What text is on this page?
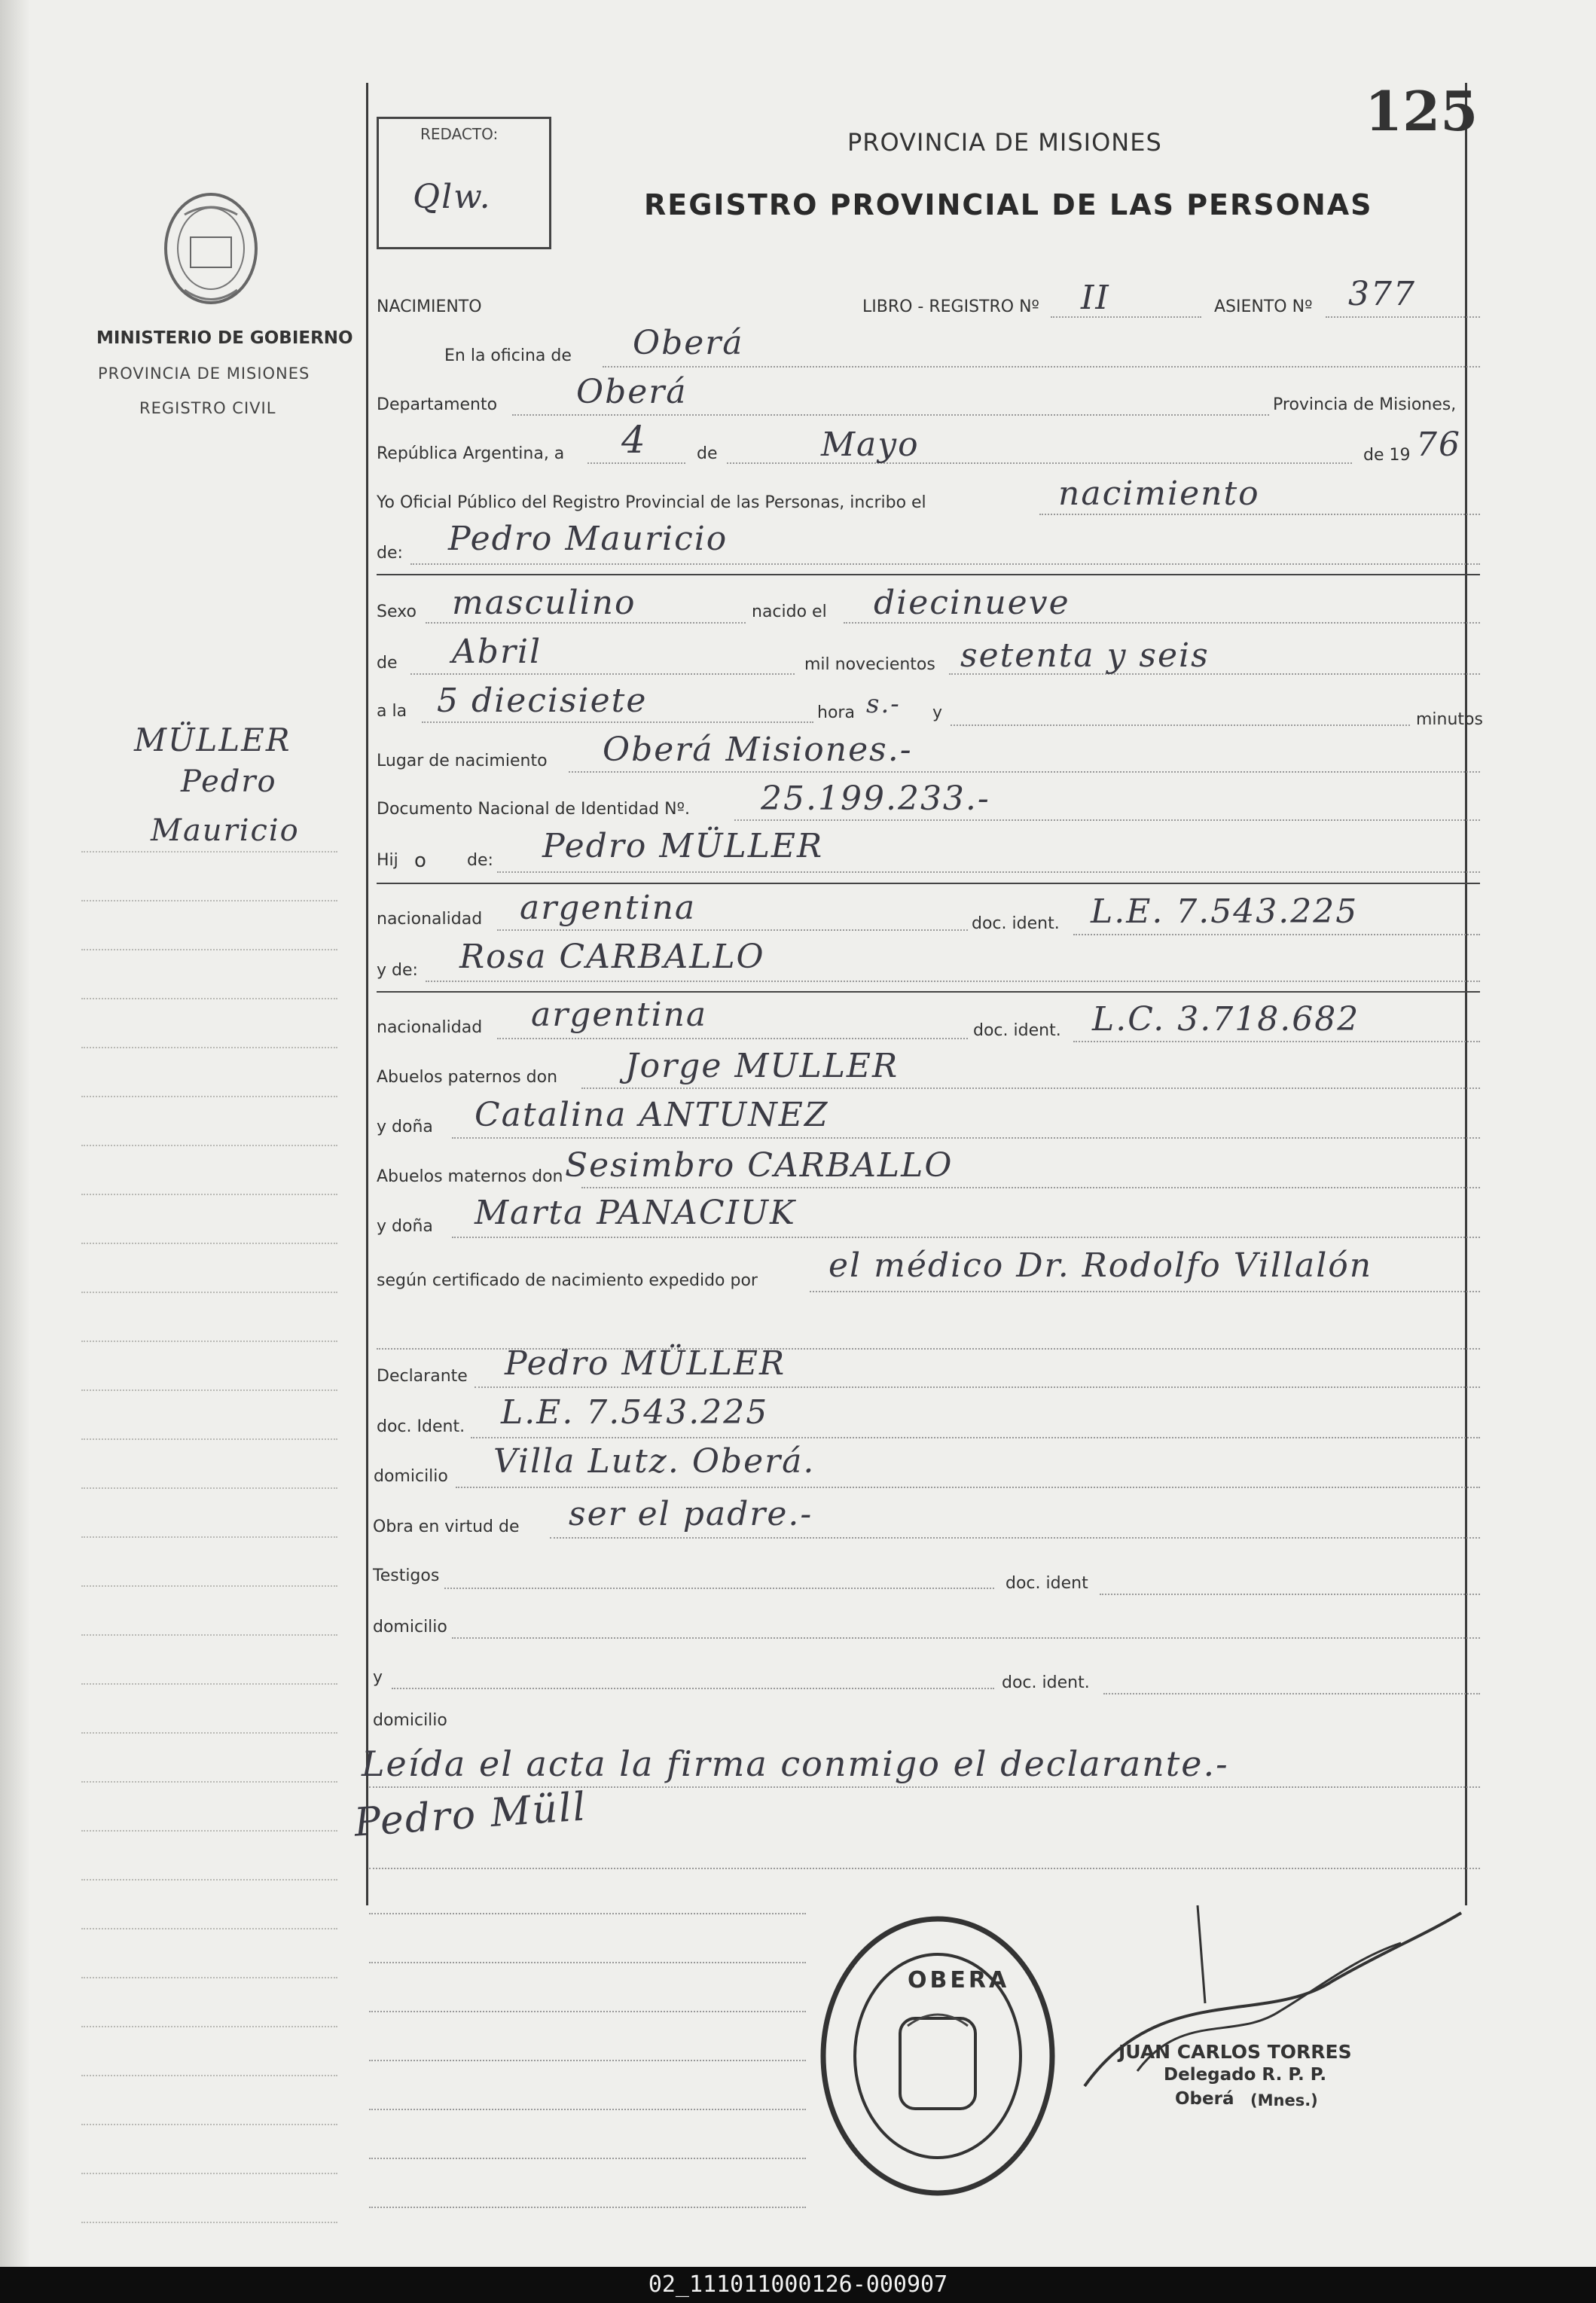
MINISTERIO DE GOBIERNO
PROVINCIA DE MISIONES
REGISTRO CIVIL
MÜLLER
Pedro
Mauricio
REDACTO:
Qlw.
125
PROVINCIA DE MISIONES
REGISTRO PROVINCIAL DE LAS PERSONAS
NACIMIENTO	LIBRO - REGISTRO Nº II	ASIENTO Nº 377
En la oficina de Oberá
Departamento Oberá	Provincia de Misiones,
República Argentina, a 4	de	Mayo	de 19 76
Yo Oficial Público del Registro Provincial de las Personas, incribo el	nacimiento
de: Pedro Mauricio
Sexo masculino	nacido el diecinueve
de Abril	mil novecientos setenta y seis
a la 5 diecisiete	hora s.- y	minutos
Lugar de nacimiento Oberá Misiones.-
Documento Nacional de Identidad Nº. 25.199.233.-
Hij o de: Pedro MÜLLER
nacionalidad argentina	doc. ident. L.E. 7.543.225
y de: Rosa CARBALLO
nacionalidad argentina	doc. ident. L.C. 3.718.682
Abuelos paternos don Jorge MULLER
y doña Catalina ANTUNEZ
Abuelos maternos don Sesimbro CARBALLO
y doña Marta PANACIUK
según certificado de nacimiento expedido por el médico Dr. Rodolfo Villalón
Declarante Pedro MÜLLER
doc. Ident. L.E. 7.543.225
domicilio Villa Lutz. Oberá.
Obra en virtud de ser el padre.-
Testigos	doc. ident
domicilio
y	doc. ident.
domicilio
Leída el acta la firma conmigo el declarante.-
Pedro Müll
OBERA
JUAN CARLOS TORRES
Delegado R. P. P.
Oberá (Mnes.)
02_111011000126-000907
